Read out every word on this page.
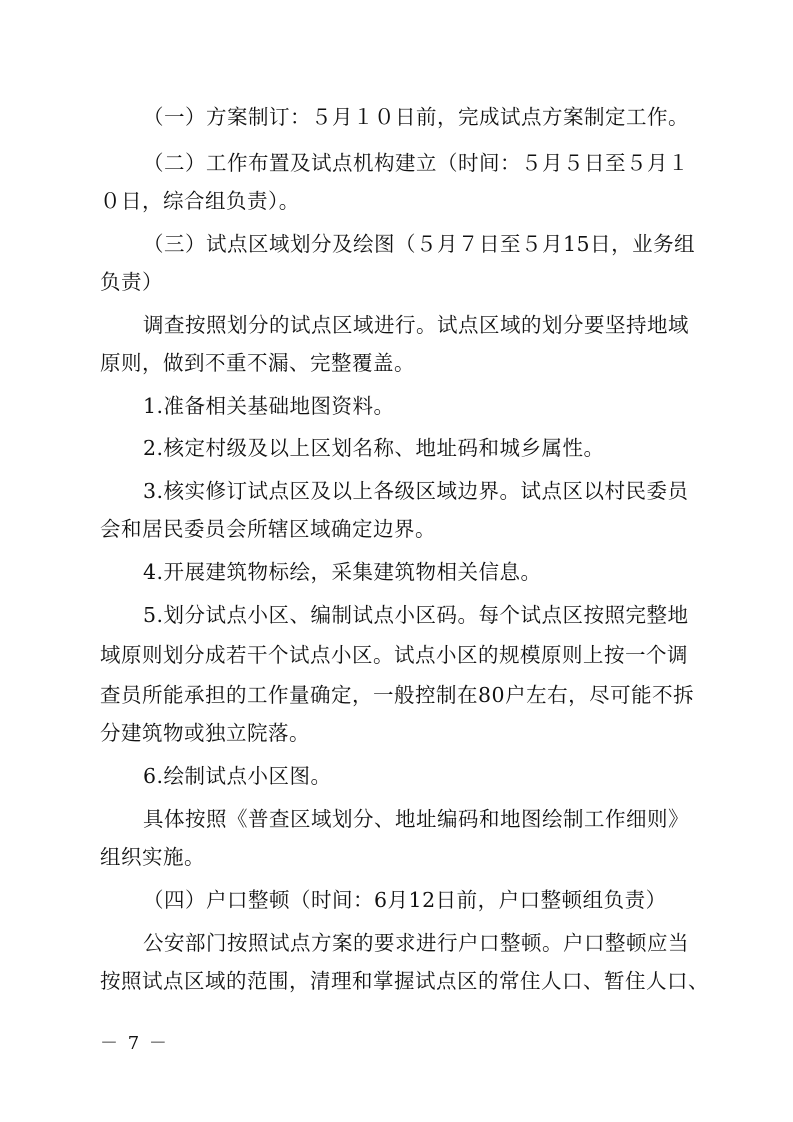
（一）方案制订：５月１０日前，完成试点方案制定工作。
（二）工作布置及试点机构建立（时间：５月５日至５月１
０日，综合组负责）。
（三）试点区域划分及绘图（５月７日至５月15日，业务组
负责）
调查按照划分的试点区域进行。试点区域的划分要坚持地域
原则，做到不重不漏、完整覆盖。
1.准备相关基础地图资料。
2.核定村级及以上区划名称、地址码和城乡属性。
3.核实修订试点区及以上各级区域边界。试点区以村民委员
会和居民委员会所辖区域确定边界。
4.开展建筑物标绘，采集建筑物相关信息。
5.划分试点小区、编制试点小区码。每个试点区按照完整地
域原则划分成若干个试点小区。试点小区的规模原则上按一个调
查员所能承担的工作量确定，一般控制在80户左右，尽可能不拆
分建筑物或独立院落。
6.绘制试点小区图。
具体按照《普查区域划分、地址编码和地图绘制工作细则》
组织实施。
（四）户口整顿（时间：6月12日前，户口整顿组负责）
公安部门按照试点方案的要求进行户口整顿。户口整顿应当
按照试点区域的范围，清理和掌握试点区的常住人口、暂住人口、
－ 7 －
